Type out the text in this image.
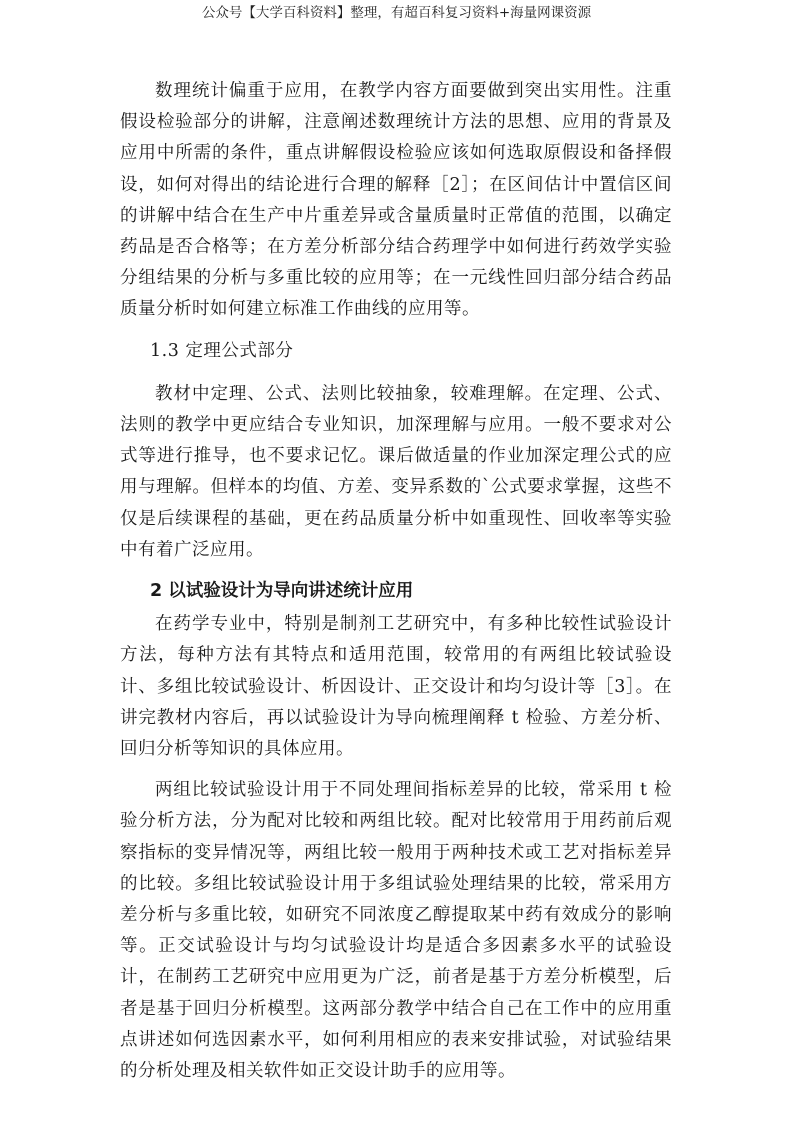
公众号【大学百科资料】整理，有超百科复习资料+海量网课资源

数理统计偏重于应用，在教学内容方面要做到突出实用性。注重假设检验部分的讲解，注意阐述数理统计方法的思想、应用的背景及应用中所需的条件，重点讲解假设检验应该如何选取原假设和备择假设，如何对得出的结论进行合理的解释［2］；在区间估计中置信区间的讲解中结合在生产中片重差异或含量质量时正常值的范围，以确定药品是否合格等；在方差分析部分结合药理学中如何进行药效学实验分组结果的分析与多重比较的应用等；在一元线性回归部分结合药品质量分析时如何建立标准工作曲线的应用等。

1.3 定理公式部分

教材中定理、公式、法则比较抽象，较难理解。在定理、公式、法则的教学中更应结合专业知识，加深理解与应用。一般不要求对公式等进行推导，也不要求记忆。课后做适量的作业加深定理公式的应用与理解。但样本的均值、方差、变异系数的`公式要求掌握，这些不仅是后续课程的基础，更在药品质量分析中如重现性、回收率等实验中有着广泛应用。

2 以试验设计为导向讲述统计应用

在药学专业中，特别是制剂工艺研究中，有多种比较性试验设计方法，每种方法有其特点和适用范围，较常用的有两组比较试验设计、多组比较试验设计、析因设计、正交设计和均匀设计等［3］。在讲完教材内容后，再以试验设计为导向梳理阐释 t 检验、方差分析、回归分析等知识的具体应用。

两组比较试验设计用于不同处理间指标差异的比较，常采用 t 检验分析方法，分为配对比较和两组比较。配对比较常用于用药前后观察指标的变异情况等，两组比较一般用于两种技术或工艺对指标差异的比较。多组比较试验设计用于多组试验处理结果的比较，常采用方差分析与多重比较，如研究不同浓度乙醇提取某中药有效成分的影响等。正交试验设计与均匀试验设计均是适合多因素多水平的试验设计，在制药工艺研究中应用更为广泛，前者是基于方差分析模型，后者是基于回归分析模型。这两部分教学中结合自己在工作中的应用重点讲述如何选因素水平，如何利用相应的表来安排试验，对试验结果的分析处理及相关软件如正交设计助手的应用等。
